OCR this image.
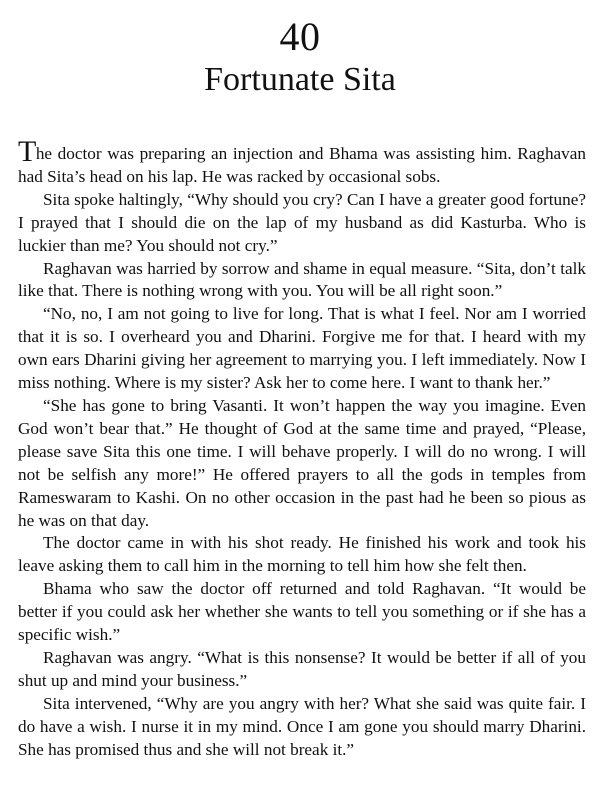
40
Fortunate Sita

The doctor was preparing an injection and Bhama was assisting him. Raghavan had Sita’s head on his lap. He was racked by occasional sobs.

Sita spoke haltingly, “Why should you cry? Can I have a greater good fortune? I prayed that I should die on the lap of my husband as did Kasturba. Who is luckier than me? You should not cry.”

Raghavan was harried by sorrow and shame in equal measure. “Sita, don’t talk like that. There is nothing wrong with you. You will be all right soon.”

“No, no, I am not going to live for long. That is what I feel. Nor am I worried that it is so. I overheard you and Dharini. Forgive me for that. I heard with my own ears Dharini giving her agreement to marrying you. I left immediately. Now I miss nothing. Where is my sister? Ask her to come here. I want to thank her.”

“She has gone to bring Vasanti. It won’t happen the way you imagine. Even God won’t bear that.” He thought of God at the same time and prayed, “Please, please save Sita this one time. I will behave properly. I will do no wrong. I will not be selfish any more!” He offered prayers to all the gods in temples from Rameswaram to Kashi. On no other occasion in the past had he been so pious as he was on that day.

The doctor came in with his shot ready. He finished his work and took his leave asking them to call him in the morning to tell him how she felt then.

Bhama who saw the doctor off returned and told Raghavan. “It would be better if you could ask her whether she wants to tell you something or if she has a specific wish.”

Raghavan was angry. “What is this nonsense? It would be better if all of you shut up and mind your business.”

Sita intervened, “Why are you angry with her? What she said was quite fair. I do have a wish. I nurse it in my mind. Once I am gone you should marry Dharini. She has promised thus and she will not break it.”
